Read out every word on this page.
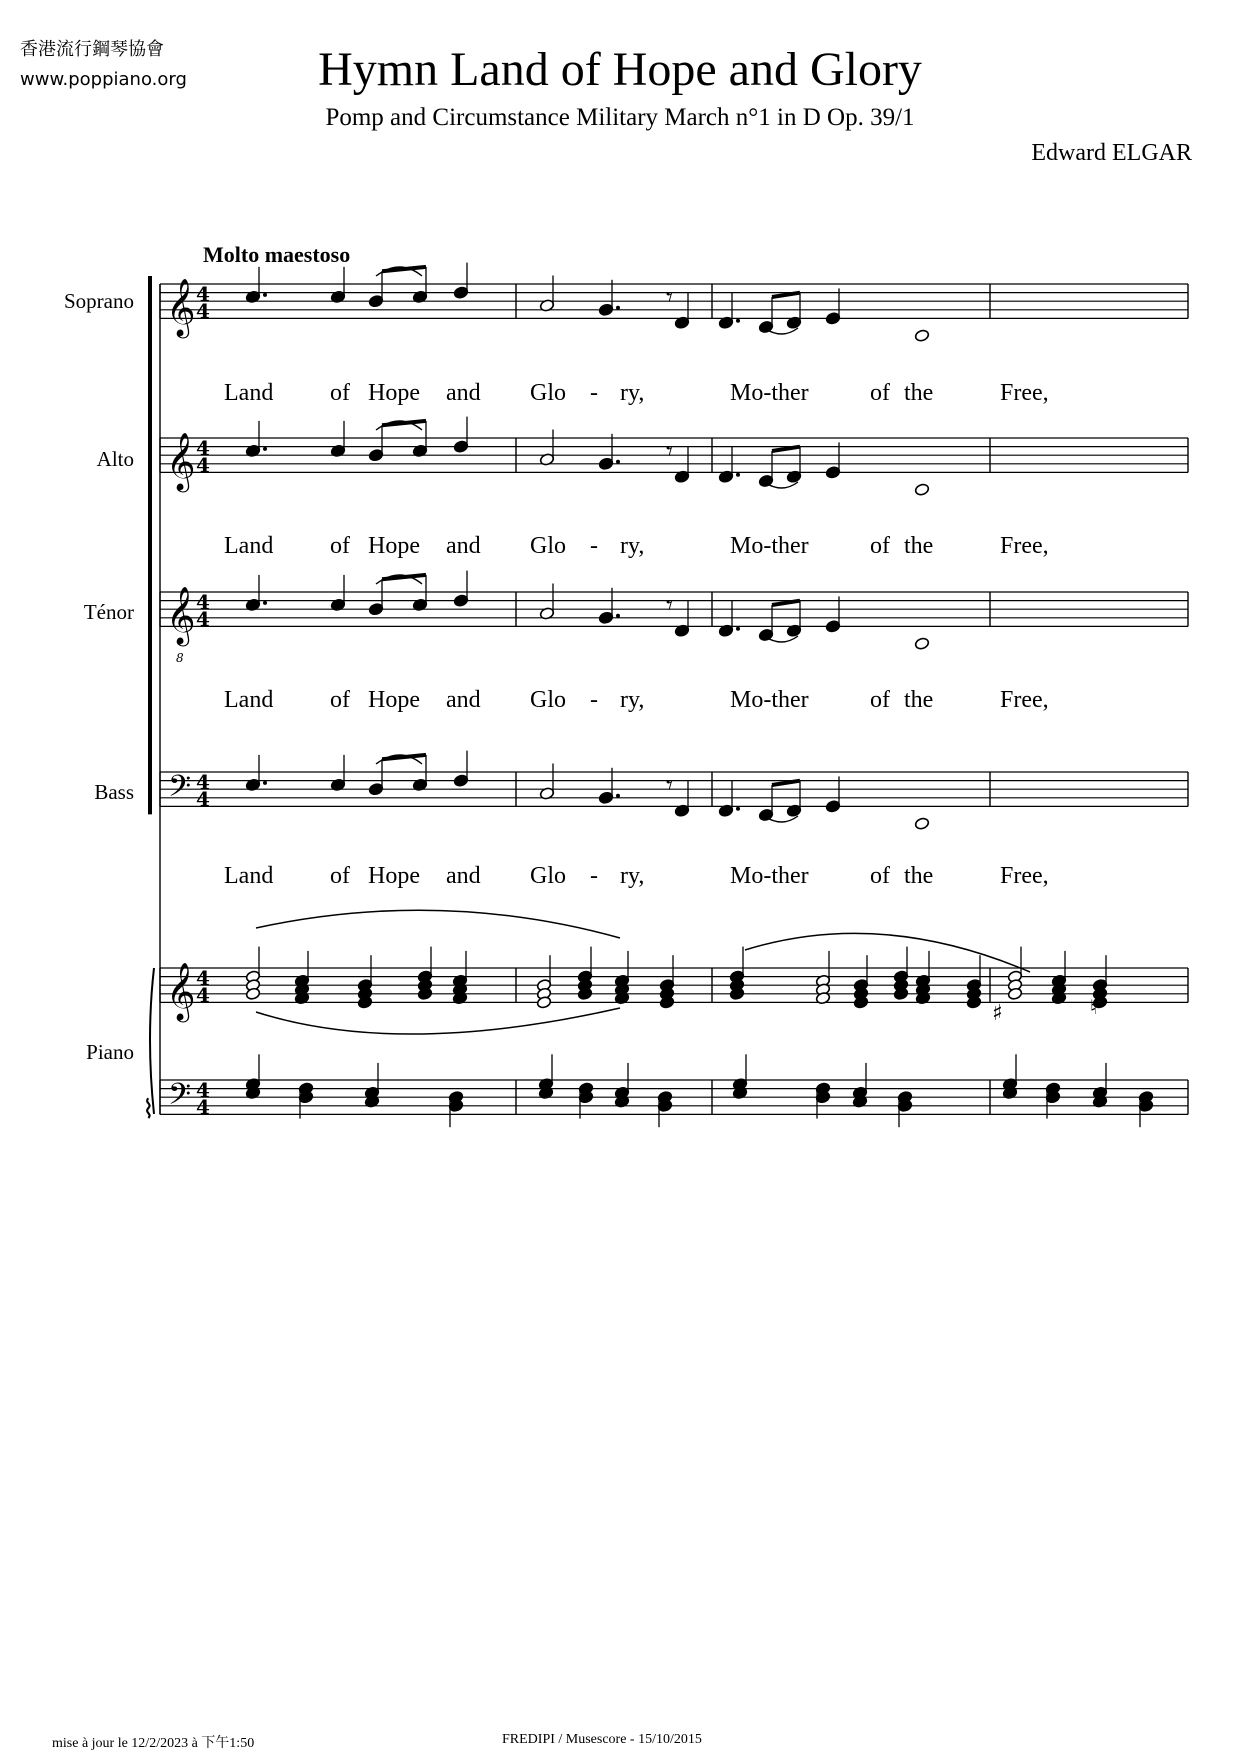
香港流行鋼琴協會
www.poppiano.org	Hymn Land of Hope and Glory
Pomp and Circumstance Military March n°1 in D Op. 39/1
Edward ELGAR
Molto maestoso
Soprano
Alto
Ténor
Bass
Piano
𝄞 4
4	𝄾
Land of Hope and Glo - ry,	Mo-ther	of the	Free,
𝄞 4
4	𝄾
Land of Hope and Glo - ry,	Mo-ther	of the	Free,
𝄞 4
4	𝄾
Land of Hope and Glo - ry,	Mo-ther	of the	Free,
𝄢 4
4	𝄾
Land of Hope and Glo - ry,	Mo-ther	of the	Free,
8
𝄞 4
4
𝄢 4
4
♯	♮
⌇
mise à jour le 12/2/2023 à 下午1:50	FREDIPI / Musescore - 15/10/2015
